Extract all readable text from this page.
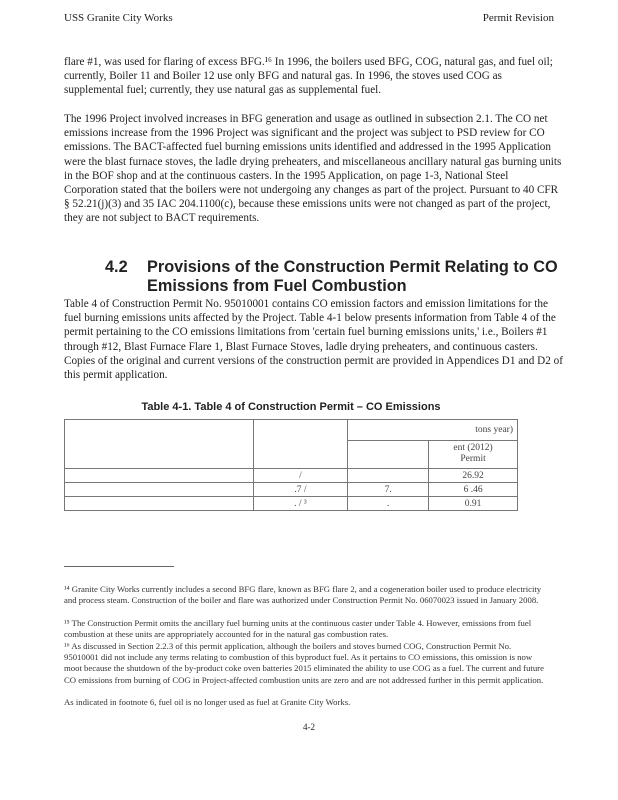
USS Granite City Works	Permit Revision

flare #1, was used for flaring of excess BFG.¹⁶ In 1996, the boilers used BFG, COG, natural gas, and fuel oil; currently, Boiler 11 and Boiler 12 use only BFG and natural gas. In 1996, the stoves used COG as supplemental fuel; currently, they use natural gas as supplemental fuel.

The 1996 Project involved increases in BFG generation and usage as outlined in subsection 2.1. The CO net emissions increase from the 1996 Project was significant and the project was subject to PSD review for CO emissions. The BACT-affected fuel burning emissions units identified and addressed in the 1995 Application were the blast furnace stoves, the ladle drying preheaters, and miscellaneous ancillary natural gas burning units in the BOF shop and at the continuous casters. In the 1995 Application, on page 1-3, National Steel Corporation stated that the boilers were not undergoing any changes as part of the project. Pursuant to 40 CFR § 52.21(j)(3) and 35 IAC 204.1100(c), because these emissions units were not changed as part of the project, they are not subject to BACT requirements.

4.2 Provisions of the Construction Permit Relating to CO Emissions from Fuel Combustion

Table 4 of Construction Permit No. 95010001 contains CO emission factors and emission limitations for the fuel burning emissions units affected by the Project. Table 4-1 below presents information from Table 4 of the permit pertaining to the CO emissions limitations from 'certain fuel burning emissions units,' i.e., Boilers #1 through #12, Blast Furnace Flare 1, Blast Furnace Stoves, ladle drying preheaters, and continuous casters. Copies of the original and current versions of the construction permit are provided in Appendices D1 and D2 of this permit application.

Table 4-1. Table 4 of Construction Permit – CO Emissions
		tons year)	

			ent (2012)
Permit

	/		26.92
	.7 /	7.	6 .46
	. / ³	.	0.91

¹⁴ Granite City Works currently includes a second BFG flare, known as BFG flare 2, and a cogeneration boiler used to produce electricity and process steam. Construction of the boiler and flare was authorized under Construction Permit No. 06070023 issued in January 2008.

¹⁵ The Construction Permit omits the ancillary fuel burning units at the continuous caster under Table 4. However, emissions from fuel combustion at these units are appropriately accounted for in the natural gas combustion rates.

¹⁶ As discussed in Section 2.2.3 of this permit application, although the boilers and stoves burned COG, Construction Permit No. 95010001 did not include any terms relating to combustion of this byproduct fuel. As it pertains to CO emissions, this omission is now moot because the shutdown of the by-product coke oven batteries 2015 eliminated the ability to use COG as a fuel. The current and future CO emissions from burning of COG in Project-affected combustion units are zero and are not addressed further in this permit application.

As indicated in footnote 6, fuel oil is no longer used as fuel at Granite City Works.

4-2
